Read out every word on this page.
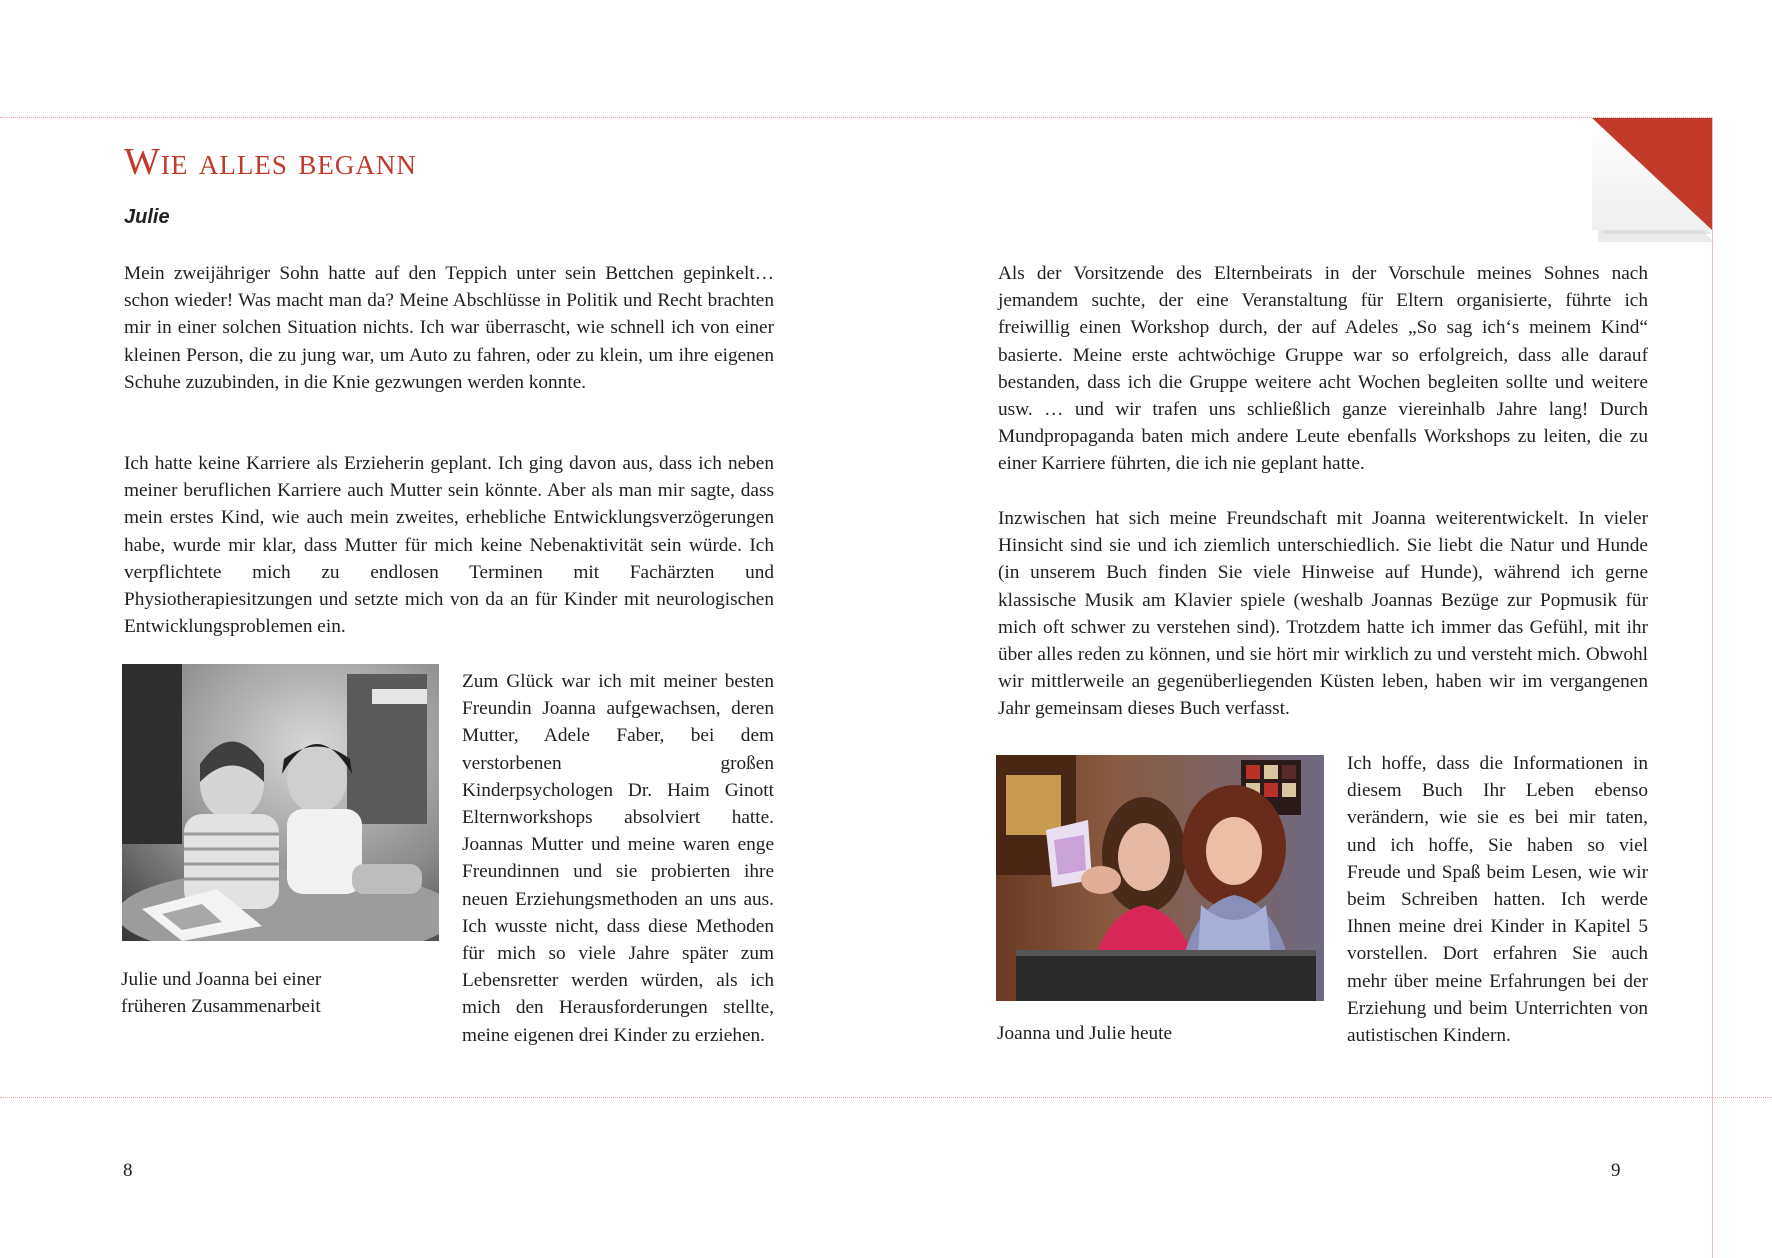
Wie alles begann
Julie

Mein zweijähriger Sohn hatte auf den Teppich unter sein Bettchen gepinkelt… schon wieder! Was macht man da? Meine Abschlüsse in Politik und Recht brachten mir in einer solchen Situation nichts. Ich war überrascht, wie schnell ich von einer kleinen Person, die zu jung war, um Auto zu fahren, oder zu klein, um ihre eigenen Schuhe zuzubinden, in die Knie gezwungen werden konnte.

Ich hatte keine Karriere als Erzieherin geplant. Ich ging davon aus, dass ich neben meiner beruflichen Karriere auch Mutter sein könnte. Aber als man mir sagte, dass mein erstes Kind, wie auch mein zweites, erhebliche Entwicklungsverzögerungen habe, wurde mir klar, dass Mutter für mich keine Nebenaktivität sein würde. Ich verpflichtete mich zu endlosen Terminen mit Fachärzten und Physiotherapiesitzungen und setzte mich von da an für Kinder mit neurologischen Entwicklungsproblemen ein.

Julie und Joanna bei einer früheren Zusammenarbeit

Zum Glück war ich mit meiner besten Freundin Joanna aufgewachsen, deren Mutter, Adele Faber, bei dem verstorbenen großen Kinderpsychologen Dr. Haim Ginott Elternworkshops absolviert hatte. Joannas Mutter und meine waren enge Freundinnen und sie probierten ihre neuen Erziehungsmethoden an uns aus. Ich wusste nicht, dass diese Methoden für mich so viele Jahre später zum Lebensretter werden würden, als ich mich den Herausforderungen stellte, meine eigenen drei Kinder zu erziehen.

8

Als der Vorsitzende des Elternbeirats in der Vorschule meines Sohnes nach jemandem suchte, der eine Veranstaltung für Eltern organisierte, führte ich freiwillig einen Workshop durch, der auf Adeles „So sag ich‘s meinem Kind“ basierte. Meine erste achtwöchige Gruppe war so erfolgreich, dass alle darauf bestanden, dass ich die Gruppe weitere acht Wochen begleiten sollte und weitere usw. … und wir trafen uns schließlich ganze viereinhalb Jahre lang! Durch Mundpropaganda baten mich andere Leute ebenfalls Workshops zu leiten, die zu einer Karriere führten, die ich nie geplant hatte.

Inzwischen hat sich meine Freundschaft mit Joanna weiterentwickelt. In vieler Hinsicht sind sie und ich ziemlich unterschiedlich. Sie liebt die Natur und Hunde (in unserem Buch finden Sie viele Hinweise auf Hunde), während ich gerne klassische Musik am Klavier spiele (weshalb Joannas Bezüge zur Popmusik für mich oft schwer zu verstehen sind). Trotzdem hatte ich immer das Gefühl, mit ihr über alles reden zu können, und sie hört mir wirklich zu und versteht mich. Obwohl wir mittlerweile an gegenüberliegenden Küsten leben, haben wir im vergangenen Jahr gemeinsam dieses Buch verfasst.

Joanna und Julie heute

Ich hoffe, dass die Informationen in diesem Buch Ihr Leben ebenso verändern, wie sie es bei mir taten, und ich hoffe, Sie haben so viel Freude und Spaß beim Lesen, wie wir beim Schreiben hatten. Ich werde Ihnen meine drei Kinder in Kapitel 5 vorstellen. Dort erfahren Sie auch mehr über meine Erfahrungen bei der Erziehung und beim Unterrichten von autistischen Kindern.

9
